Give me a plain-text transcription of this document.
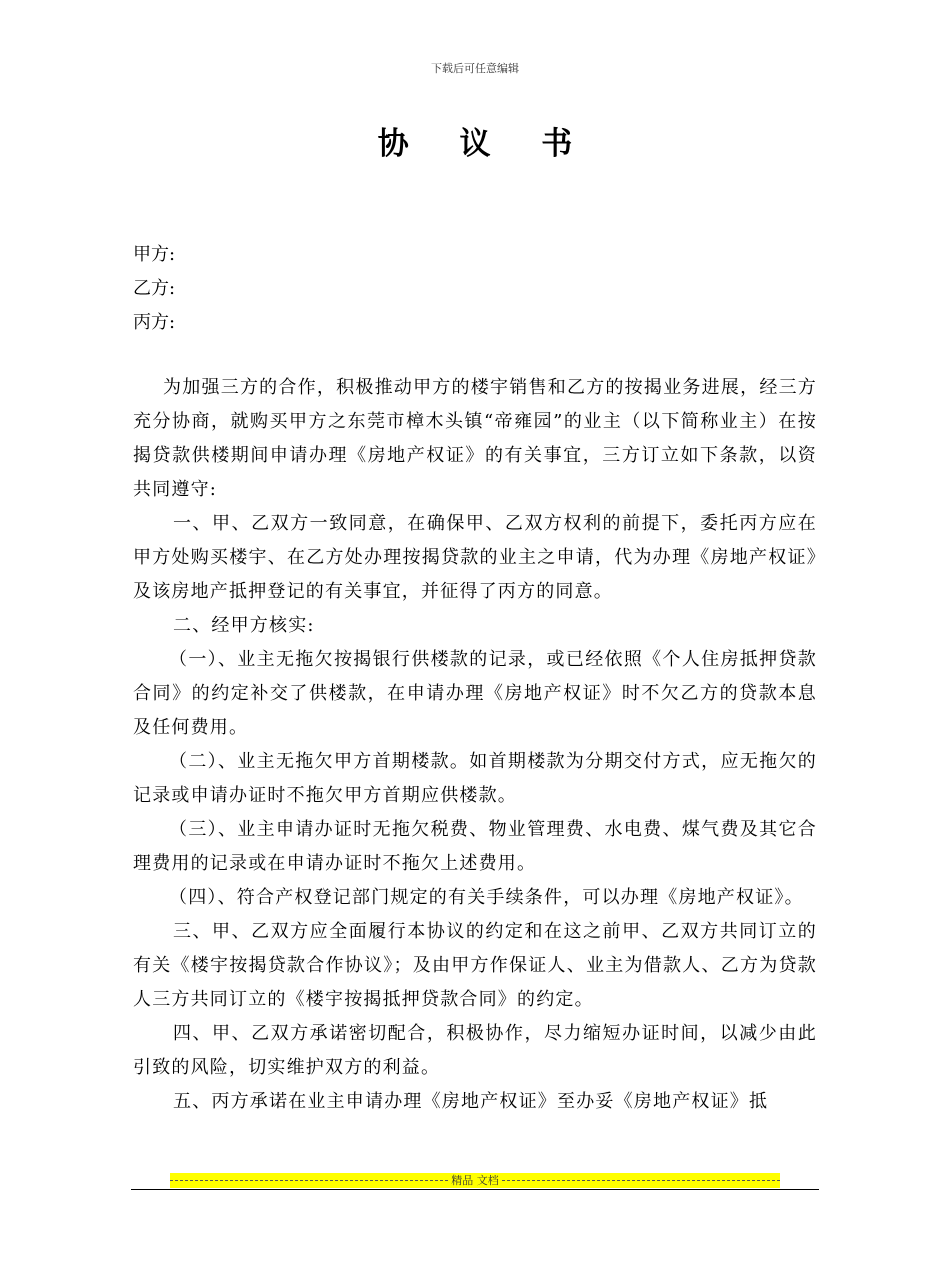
下载后可任意编辑
协 议 书
甲方:
乙方:
丙方:

为加强三方的合作，积极推动甲方的楼宇销售和乙方的按揭业务进展，经三方充分协商，就购买甲方之东莞市樟木头镇“帝雍园”的业主（以下简称业主）在按揭贷款供楼期间申请办理《房地产权证》的有关事宜，三方订立如下条款，以资共同遵守:

一、甲、乙双方一致同意，在确保甲、乙双方权利的前提下，委托丙方应在甲方处购买楼宇、在乙方处办理按揭贷款的业主之申请，代为办理《房地产权证》及该房地产抵押登记的有关事宜，并征得了丙方的同意。

二、经甲方核实:

（一）、业主无拖欠按揭银行供楼款的记录，或已经依照《个人住房抵押贷款合同》的约定补交了供楼款，在申请办理《房地产权证》时不欠乙方的贷款本息及任何费用。

（二）、业主无拖欠甲方首期楼款。如首期楼款为分期交付方式，应无拖欠的记录或申请办证时不拖欠甲方首期应供楼款。

（三）、业主申请办证时无拖欠税费、物业管理费、水电费、煤气费及其它合理费用的记录或在申请办证时不拖欠上述费用。

（四）、符合产权登记部门规定的有关手续条件，可以办理《房地产权证》。

三、甲、乙双方应全面履行本协议的约定和在这之前甲、乙双方共同订立的有关《楼宇按揭贷款合作协议》；及由甲方作保证人、业主为借款人、乙方为贷款人三方共同订立的《楼宇按揭抵押贷款合同》的约定。

四、甲、乙双方承诺密切配合，积极协作，尽力缩短办证时间，以减少由此引致的风险，切实维护双方的利益。

五、丙方承诺在业主申请办理《房地产权证》至办妥《房地产权证》抵

精品 文档
